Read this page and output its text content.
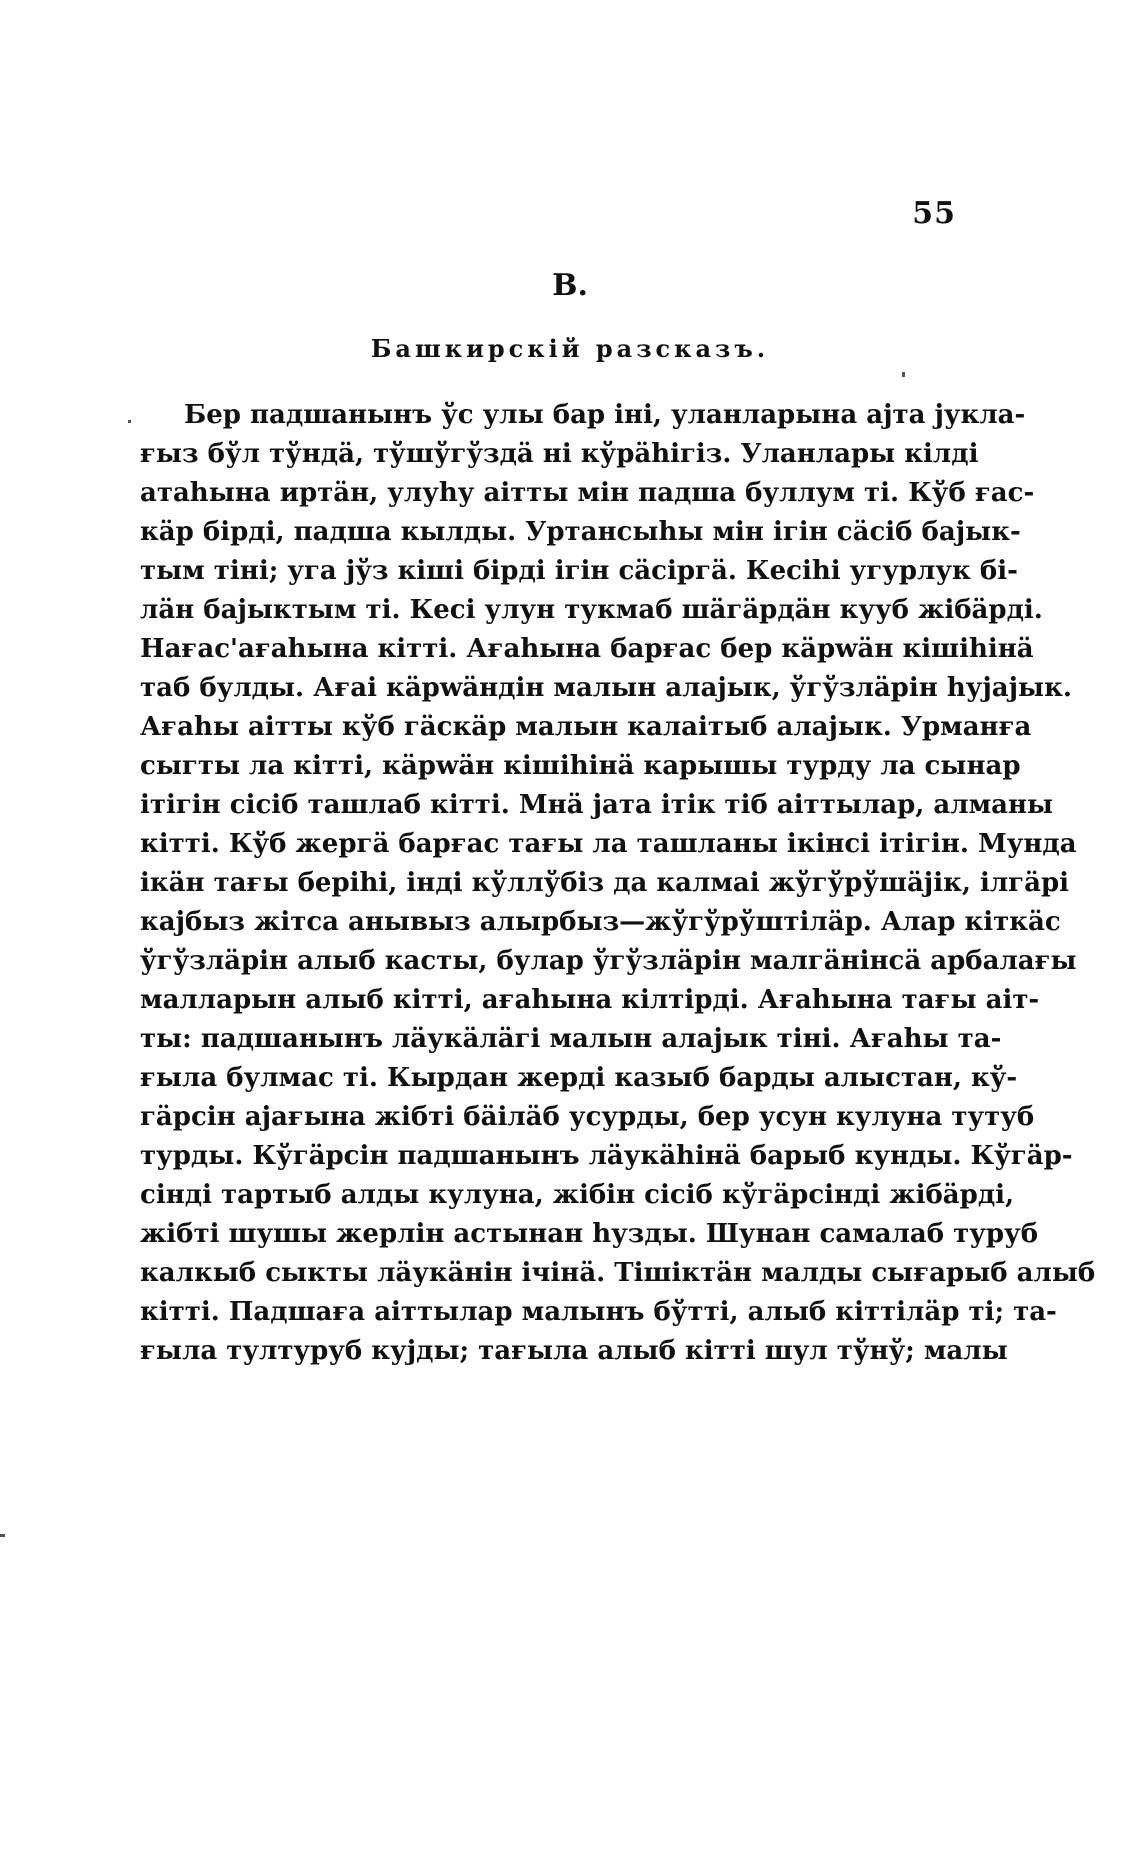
55
В.
Башкирскій разсказъ.
Бер падшанынъ ўс улы бар іні, уланларына ajта jукла-
ғыз бўл тўндä, тўшўгўздä ні кўрähігіз. Уланлары кілді
атаhына иртäн, улуhу аітты мін падша буллум ті. Кўб ғас-
кäр бірді, падша кылды. Уртансыhы мін ігін сäсіб баjык-
тым тіні; уга jўз кіші бірді ігін сäсіргä. Кесіhі угурлук бі-
лäн баjыктым ті. Кесі улун тукмаб шäгäрдäн кууб жібäрді.
Нағас'ағаhына кітті. Ағаhына барғас бер кäрwäн кішіhінä
таб булды. Ағаі кäрwäндін малын алаjык, ўгўзлäрін hуjаjык.
Ағаhы аітты кўб гäскäр малын калаітыб алаjык. Урманға
сыгты ла кітті, кäрwäн кішіhінä карышы турду ла сынар
ітігін сісіб ташлаб кітті. Мнä jата ітік тіб аіттылар, алманы
кітті. Кўб жергä барғас тағы ла ташланы ікінсі ітігін. Мунда
ікäн тағы берihі, інді кўллўбіз да калмаі жўгўрўшäjік, ілгäрі
каjбыз жітса анывыз алырбыз—жўгўрўштiлäр. Алар кіткäс
ўгўзлäрін алыб касты, булар ўгўзлäрін малгäнінсä арбалағы
малларын алыб кітті, ағаhына кілтірді. Ағаhына тағы аіт-
ты: падшанынъ лäукäлäгі малын алаjык тіні. Ағаhы та-
ғыла булмас ті. Кырдан жерді казыб барды алыстан, кў-
гäрсін аjағына жібті бäілäб усурды, бер усун кулуна тутуб
турды. Кўгäрсін падшанынъ лäукähінä барыб кунды. Кўгäр-
сінді тартыб алды кулуна, жібін сісіб кўгäрсінді жібäрді,
жібті шушы жерлін астынан hузды. Шунан самалаб туруб
калкыб сыкты лäукäнін ічінä. Тішіктäн малды сығарыб алыб
кітті. Падшаға аіттылар малынъ бўтті, алыб кіттілäр ті; та-
ғыла тултуруб куjды; тағыла алыб кітті шул тўнў; малы
